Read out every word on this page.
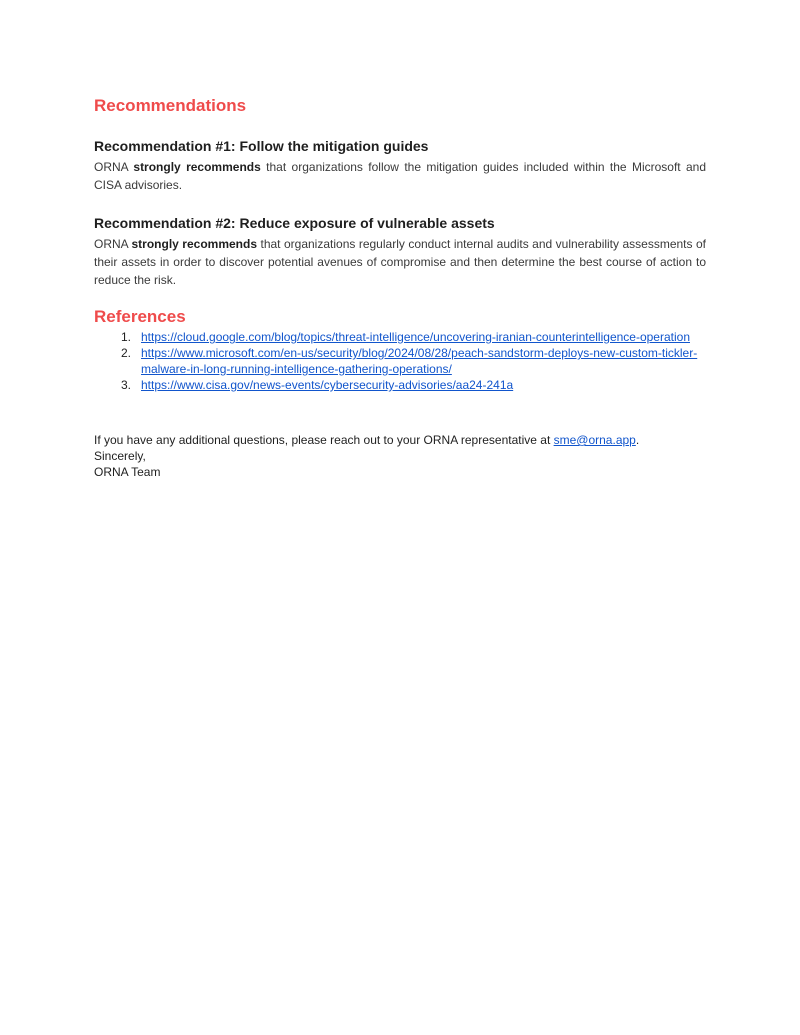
Recommendations
Recommendation #1: Follow the mitigation guides

ORNA strongly recommends that organizations follow the mitigation guides included within the Microsoft and CISA advisories.

Recommendation #2: Reduce exposure of vulnerable assets

ORNA strongly recommends that organizations regularly conduct internal audits and vulnerability assessments of their assets in order to discover potential avenues of compromise and then determine the best course of action to reduce the risk.

References
1. https://cloud.google.com/blog/topics/threat-intelligence/uncovering-iranian-counterintelligence-operation
2. https://www.microsoft.com/en-us/security/blog/2024/08/28/peach-sandstorm-deploys-new-custom-tickler-malware-in-long-running-intelligence-gathering-operations/
3. https://www.cisa.gov/news-events/cybersecurity-advisories/aa24-241a
If you have any additional questions, please reach out to your ORNA representative at sme@orna.app.
Sincerely,
ORNA Team
